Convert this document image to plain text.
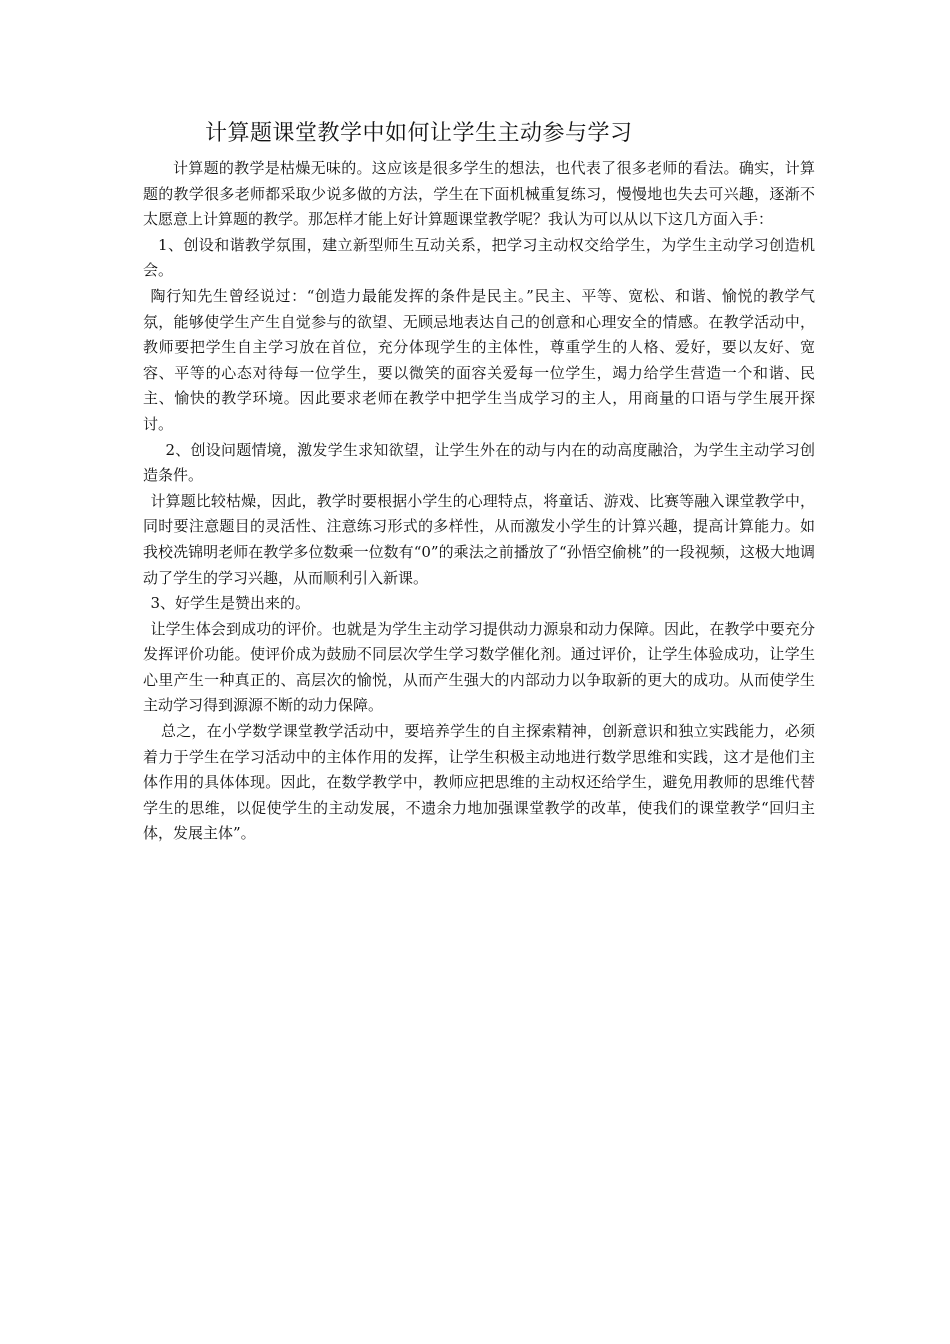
计算题课堂教学中如何让学生主动参与学习

计算题的教学是枯燥无味的。这应该是很多学生的想法，也代表了很多老师的看法。确实，计算题的教学很多老师都采取少说多做的方法，学生在下面机械重复练习，慢慢地也失去可兴趣，逐渐不太愿意上计算题的教学。那怎样才能上好计算题课堂教学呢？我认为可以从以下这几方面入手：

1、创设和谐教学氛围，建立新型师生互动关系，把学习主动权交给学生，为学生主动学习创造机会。

陶行知先生曾经说过：“创造力最能发挥的条件是民主。”民主、平等、宽松、和谐、愉悦的教学气氛，能够使学生产生自觉参与的欲望、无顾忌地表达自己的创意和心理安全的情感。在教学活动中，教师要把学生自主学习放在首位，充分体现学生的主体性，尊重学生的人格、爱好，要以友好、宽容、平等的心态对待每一位学生，要以微笑的面容关爱每一位学生，竭力给学生营造一个和谐、民主、愉快的教学环境。因此要求老师在教学中把学生当成学习的主人，用商量的口语与学生展开探讨。

2、创设问题情境，激发学生求知欲望，让学生外在的动与内在的动高度融洽，为学生主动学习创造条件。

计算题比较枯燥，因此，教学时要根据小学生的心理特点，将童话、游戏、比赛等融入课堂教学中，同时要注意题目的灵活性、注意练习形式的多样性，从而激发小学生的计算兴趣，提高计算能力。如我校冼锦明老师在教学多位数乘一位数有“0”的乘法之前播放了“孙悟空偷桃”的一段视频，这极大地调动了学生的学习兴趣，从而顺利引入新课。

3、好学生是赞出来的。

让学生体会到成功的评价。也就是为学生主动学习提供动力源泉和动力保障。因此，在教学中要充分发挥评价功能。使评价成为鼓励不同层次学生学习数学催化剂。通过评价，让学生体验成功，让学生心里产生一种真正的、高层次的愉悦，从而产生强大的内部动力以争取新的更大的成功。从而使学生主动学习得到源源不断的动力保障。

总之，在小学数学课堂教学活动中，要培养学生的自主探索精神，创新意识和独立实践能力，必须着力于学生在学习活动中的主体作用的发挥，让学生积极主动地进行数学思维和实践，这才是他们主体作用的具体体现。因此，在数学教学中，教师应把思维的主动权还给学生，避免用教师的思维代替学生的思维，以促使学生的主动发展，不遗余力地加强课堂教学的改革，使我们的课堂教学“回归主体，发展主体”。
